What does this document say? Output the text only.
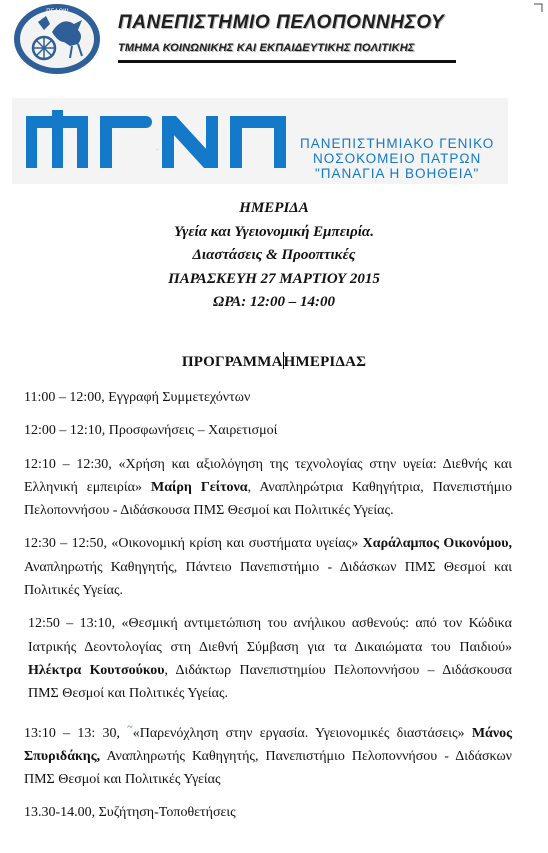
ΠΕΛΟΨ
ΠΑΝΕΠΙΣΤΗΜΙΟ ΠΕΛΟΠΟΝΝΗΣΟΥ
ΤΜΗΜΑ ΚΟΙΝΩΝΙΚΗΣ ΚΑΙ ΕΚΠΑΙΔΕΥΤΙΚΗΣ ΠΟΛΙΤΙΚΗΣ
ΠΓΝΠ	ΠΑΝΕΠΙΣΤΗΜΙΑΚΟ ΓΕΝΙΚΟ
ΝΟΣΟΚΟΜΕΙΟ ΠΑΤΡΩΝ
"ΠΑΝΑΓΙΑ Η ΒΟΗΘΕΙΑ"
ΗΜΕΡΙΔΑ
Υγεία και Υγειονομική Εμπειρία.
Διαστάσεις & Προοπτικές
ΠΑΡΑΣΚΕΥΗ 27 ΜΑΡΤΙΟΥ 2015
ΩΡΑ: 12:00 – 14:00
ΠΡΟΓΡΑΜΜΑΗΜΕΡΙΔΑΣ

11:00 – 12:00, Εγγραφή Συμμετεχόντων

12:00 – 12:10, Προσφωνήσεις – Χαιρετισμοί

12:10 – 12:30, «Χρήση και αξιολόγηση της τεχνολογίας στην υγεία: Διεθνής και Ελληνική εμπειρία» Μαίρη Γείτονα, Αναπληρώτρια Καθηγήτρια, Πανεπιστήμιο Πελοποννήσου - Διδάσκουσα ΠΜΣ Θεσμοί και Πολιτικές Υγείας.

12:30 – 12:50, «Οικονομική κρίση και συστήματα υγείας» Χαράλαμπος Οικονόμου, Αναπληρωτής Καθηγητής, Πάντειο Πανεπιστήμιο - Διδάσκων ΠΜΣ Θεσμοί και Πολιτικές Υγείας.

12:50 – 13:10, «Θεσμική αντιμετώπιση του ανήλικου ασθενούς: από τον Κώδικα Ιατρικής Δεοντολογίας στη Διεθνή Σύμβαση για τα Δικαιώματα του Παιδιού» Ηλέκτρα Κουτσούκου, Διδάκτωρ Πανεπιστημίου Πελοποννήσου – Διδάσκουσα ΠΜΣ Θεσμοί και Πολιτικές Υγείας.

13:10 – 13: 30, ~«Παρενόχληση στην εργασία. Υγειονομικές διαστάσεις» Μάνος Σπυριδάκης, Αναπληρωτής Καθηγητής, Πανεπιστήμιο Πελοποννήσου - Διδάσκων ΠΜΣ Θεσμοί και Πολιτικές Υγείας

13.30-14.00, Συζήτηση-Τοποθετήσεις
